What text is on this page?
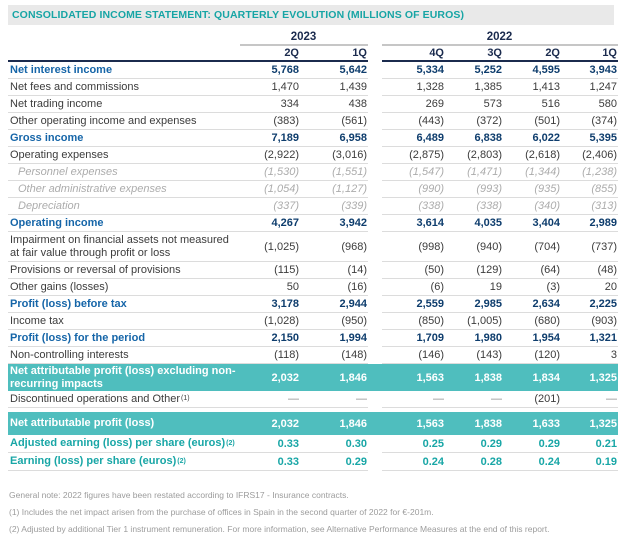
CONSOLIDATED INCOME STATEMENT: QUARTERLY EVOLUTION (MILLIONS OF EUROS)
2023	2022
2Q	1Q	4Q	3Q	2Q	1Q
Net interest income	5,768	5,642	5,334	5,252	4,595	3,943
Net fees and commissions	1,470	1,439	1,328	1,385	1,413	1,247
Net trading income	334	438	269	573	516	580
Other operating income and expenses	(383)	(561)	(443)	(372)	(501)	(374)
Gross income	7,189	6,958	6,489	6,838	6,022	5,395
Operating expenses	(2,922)	(3,016)	(2,875)	(2,803)	(2,618)	(2,406)
Personnel expenses	(1,530)	(1,551)	(1,547)	(1,471)	(1,344)	(1,238)
Other administrative expenses	(1,054)	(1,127)	(990)	(993)	(935)	(855)
Depreciation	(337)	(339)	(338)	(338)	(340)	(313)
Operating income	4,267	3,942	3,614	4,035	3,404	2,989
Impairment on financial assets not measured at fair value through profit or loss	(1,025)	(968)	(998)	(940)	(704)	(737)
Provisions or reversal of provisions	(115)	(14)	(50)	(129)	(64)	(48)
Other gains (losses)	50	(16)	(6)	19	(3)	20
Profit (loss) before tax	3,178	2,944	2,559	2,985	2,634	2,225
Income tax	(1,028)	(950)	(850)	(1,005)	(680)	(903)
Profit (loss) for the period	2,150	1,994	1,709	1,980	1,954	1,321
Non-controlling interests	(118)	(148)	(146)	(143)	(120)	3
Net attributable profit (loss) excluding non-recurring impacts	2,032	1,846	1,563	1,838	1,834	1,325
Discontinued operations and Other (1)	—	—	—	—	(201)	—
Net attributable profit (loss)	2,032	1,846	1,563	1,838	1,633	1,325
Adjusted earning (loss) per share (euros) (2)	0.33	0.30	0.25	0.29	0.29	0.21
Earning (loss) per share (euros) (2)	0.33	0.29	0.24	0.28	0.24	0.19
General note: 2022 figures have been restated according to IFRS17 - Insurance contracts.
(1) Includes the net impact arisen from the purchase of offices in Spain in the second quarter of 2022 for €-201m.
(2) Adjusted by additional Tier 1 instrument remuneration. For more information, see Alternative Performance Measures at the end of this report.
